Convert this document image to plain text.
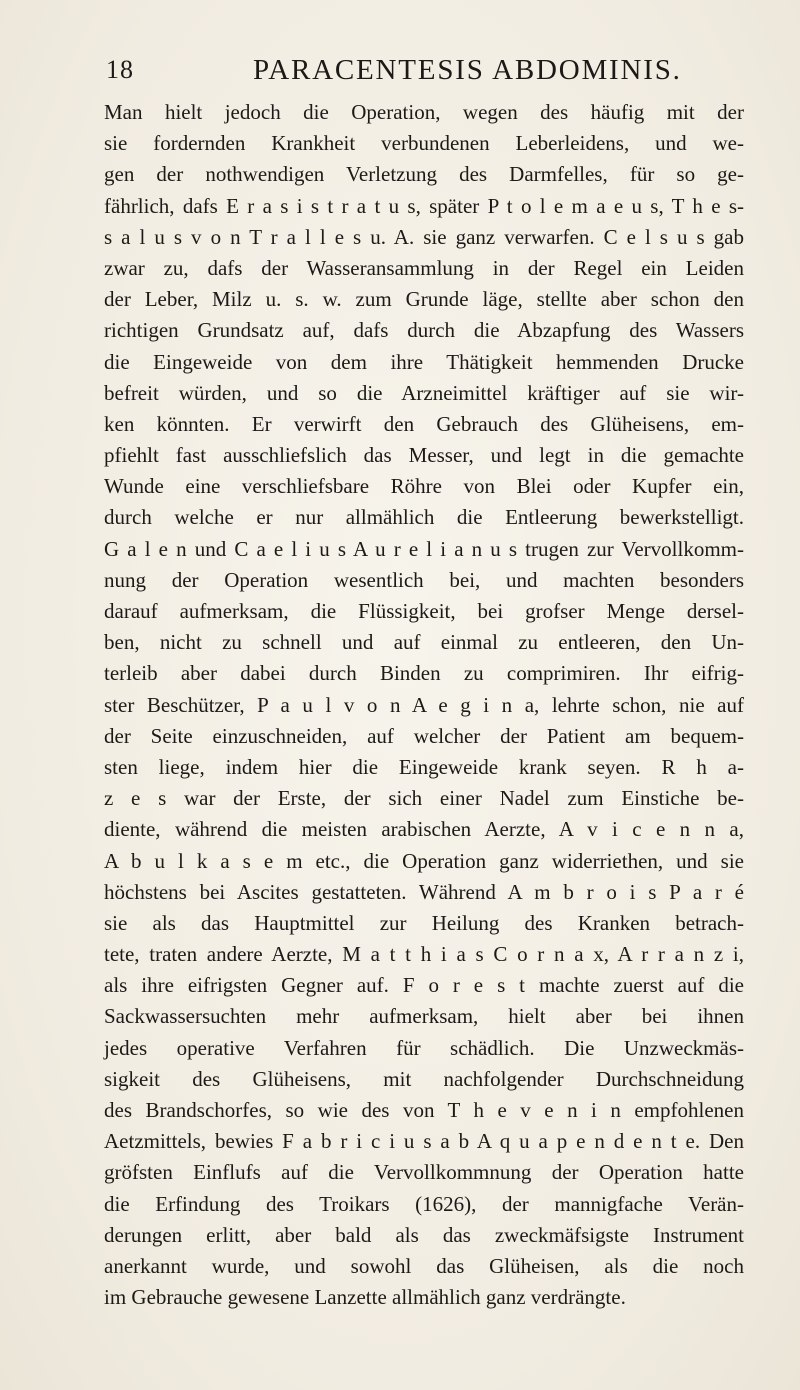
18	PARACENTESIS ABDOMINIS.
Man hielt jedoch die Operation, wegen des häufig mit der
sie fordernden Krankheit verbundenen Leberleidens, und we-
gen der nothwendigen Verletzung des Darmfelles, für so ge-
fährlich, dafs E r a s i s t r a t u s, später P t o l e m a e u s, T h e s-
s a l u s v o n T r a l l e s u. A. sie ganz verwarfen. C e l s u s gab
zwar zu, dafs der Wasseransammlung in der Regel ein Leiden
der Leber, Milz u. s. w. zum Grunde läge, stellte aber schon den
richtigen Grundsatz auf, dafs durch die Abzapfung des Wassers
die Eingeweide von dem ihre Thätigkeit hemmenden Drucke
befreit würden, und so die Arzneimittel kräftiger auf sie wir-
ken könnten. Er verwirft den Gebrauch des Glüheisens, em-
pfiehlt fast ausschliefslich das Messer, und legt in die gemachte
Wunde eine verschliefsbare Röhre von Blei oder Kupfer ein,
durch welche er nur allmählich die Entleerung bewerkstelligt.
G a l e n und C a e l i u s A u r e l i a n u s trugen zur Vervollkomm-
nung der Operation wesentlich bei, und machten besonders
darauf aufmerksam, die Flüssigkeit, bei grofser Menge dersel-
ben, nicht zu schnell und auf einmal zu entleeren, den Un-
terleib aber dabei durch Binden zu comprimiren. Ihr eifrig-
ster Beschützer, P a u l v o n A e g i n a, lehrte schon, nie auf
der Seite einzuschneiden, auf welcher der Patient am bequem-
sten liege, indem hier die Eingeweide krank seyen. R h a-
z e s war der Erste, der sich einer Nadel zum Einstiche be-
diente, während die meisten arabischen Aerzte, A v i c e n n a,
A b u l k a s e m etc., die Operation ganz widerriethen, und sie
höchstens bei Ascites gestatteten. Während A m b r o i s P a r é
sie als das Hauptmittel zur Heilung des Kranken betrach-
tete, traten andere Aerzte, M a t t h i a s C o r n a x, A r r a n z i,
als ihre eifrigsten Gegner auf. F o r e s t machte zuerst auf die
Sackwassersuchten mehr aufmerksam, hielt aber bei ihnen
jedes operative Verfahren für schädlich. Die Unzweckmäs-
sigkeit des Glüheisens, mit nachfolgender Durchschneidung
des Brandschorfes, so wie des von T h e v e n i n empfohlenen
Aetzmittels, bewies F a b r i c i u s a b A q u a p e n d e n t e. Den
gröfsten Einflufs auf die Vervollkommnung der Operation hatte
die Erfindung des Troikars (1626), der mannigfache Verän-
derungen erlitt, aber bald als das zweckmäfsigste Instrument
anerkannt wurde, und sowohl das Glüheisen, als die noch
im Gebrauche gewesene Lanzette allmählich ganz verdrängte.
